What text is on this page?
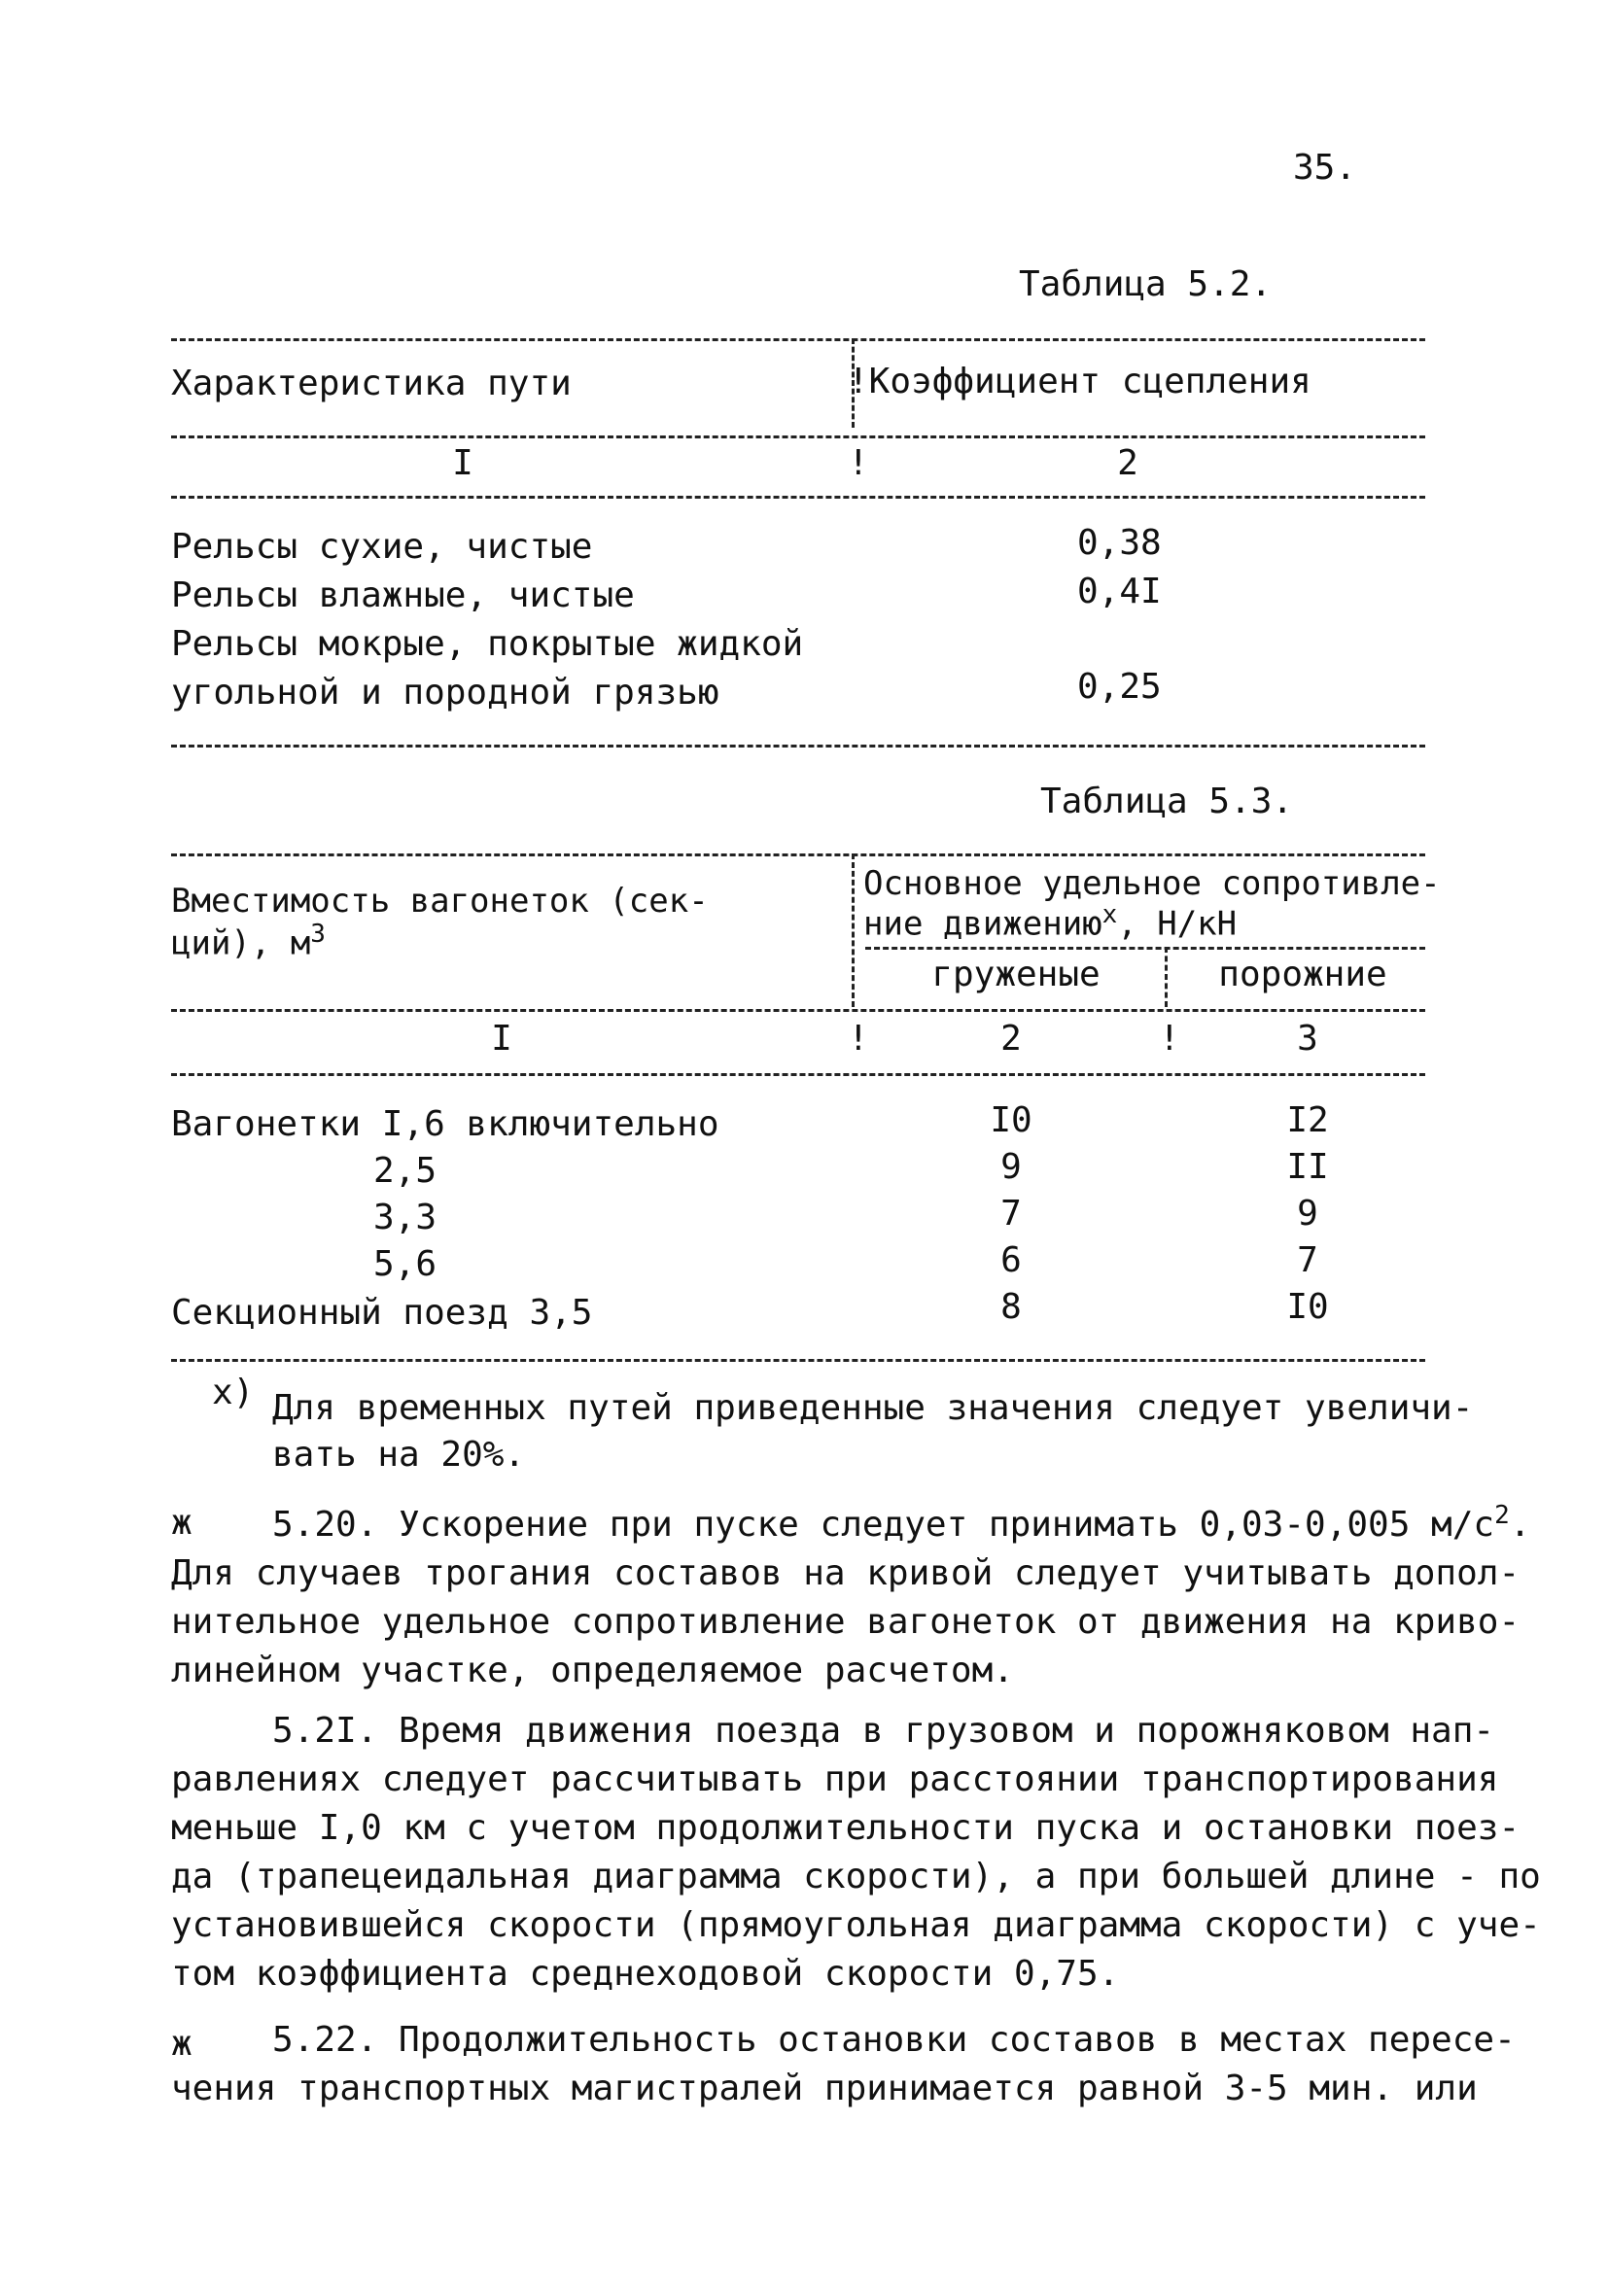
35.
Таблица 5.2.
Характеристика пути	!Коэффициент сцепления
I	!	2
Рельсы сухие, чистые	0,38
Рельсы влажные, чистые	0,4I
Рельсы мокрые, покрытые жидкой
угольной и породной грязью	0,25
Таблица 5.3.
Вместимость вагонеток (сек-
ций), $м^3$
Основное удельное сопротивле-
ние движению$^х$, Н/кН
груженые	порожние
I	!	2	!	3
Вагонетки I,6 включительно	I0	I2
2,5	9	II
3,3	7	9
5,6	6	7
Секционный поезд 3,5	8	I0
x) Для временных путей приведенные значения следует увеличи-
вать на 20%.
ж 5.20. Ускорение при пуске следует принимать 0,03-0,005 $м/с^2$.
Для случаев трогания составов на кривой следует учитывать допол-
нительное удельное сопротивление вагонеток от движения на криво-
линейном участке, определяемое расчетом.
5.2I. Время движения поезда в грузовом и порожняковом нап-
равлениях следует рассчитывать при расстоянии транспортирования
меньше I,0 км с учетом продолжительности пуска и остановки поез-
да (трапецеидальная диаграмма скорости), а при большей длине - по
установившейся скорости (прямоугольная диаграмма скорости) с уче-
том коэффициента среднеходовой скорости 0,75.
ж 5.22. Продолжительность остановки составов в местах пересе-
чения транспортных магистралей принимается равной 3-5 мин. или
